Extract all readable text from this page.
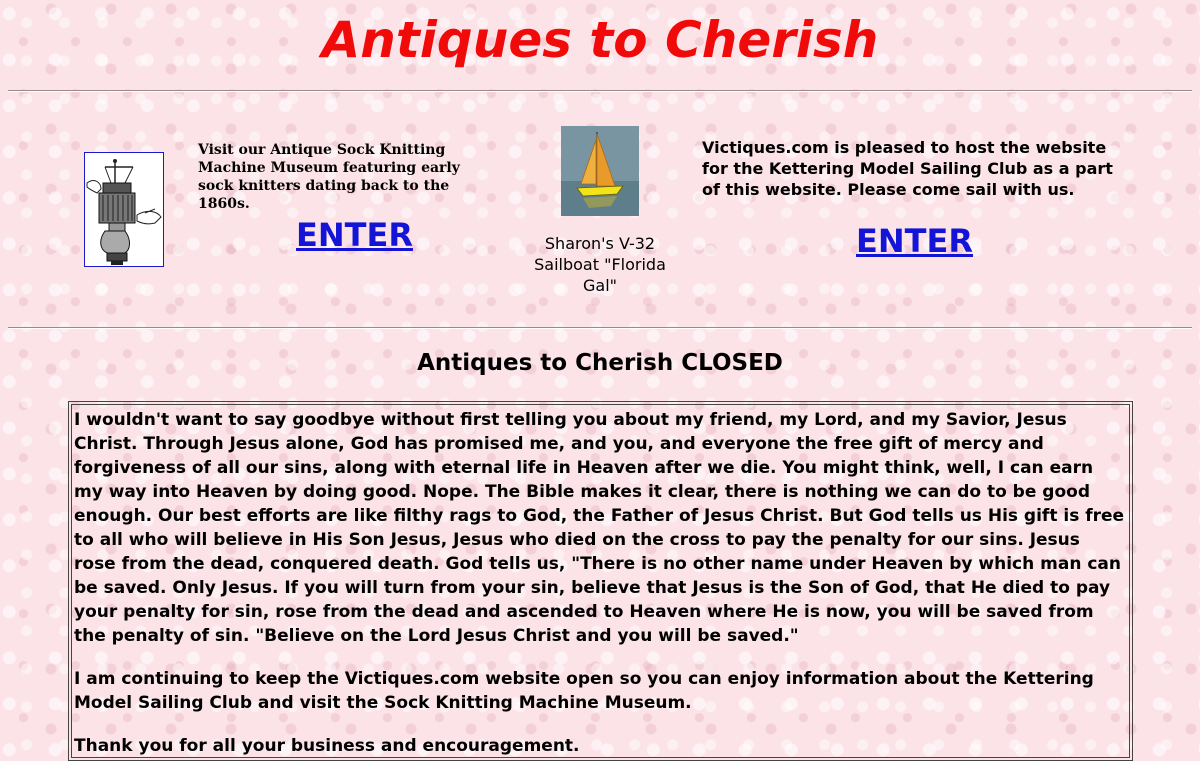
Antiques to Cherish
Visit our Antique Sock Knitting Machine Museum featuring early sock knitters dating back to the 1860s.
ENTER	Sharon's V-32 Sailboat "Florida Gal"
Victiques.com is pleased to host the website for the Kettering Model Sailing Club as a part of this website. Please come sail with us.
ENTER
Antiques to Cherish CLOSED

I wouldn't want to say goodbye without first telling you about my friend, my Lord, and my Savior, Jesus Christ. Through Jesus alone, God has promised me, and you, and everyone the free gift of mercy and forgiveness of all our sins, along with eternal life in Heaven after we die. You might think, well, I can earn my way into Heaven by doing good. Nope. The Bible makes it clear, there is nothing we can do to be good enough. Our best efforts are like filthy rags to God, the Father of Jesus Christ. But God tells us His gift is free to all who will believe in His Son Jesus, Jesus who died on the cross to pay the penalty for our sins. Jesus rose from the dead, conquered death. God tells us, "There is no other name under Heaven by which man can be saved. Only Jesus. If you will turn from your sin, believe that Jesus is the Son of God, that He died to pay your penalty for sin, rose from the dead and ascended to Heaven where He is now, you will be saved from the penalty of sin. "Believe on the Lord Jesus Christ and you will be saved."

I am continuing to keep the Victiques.com website open so you can enjoy information about the Kettering Model Sailing Club and visit the Sock Knitting Machine Museum.

Thank you for all your business and encouragement.
